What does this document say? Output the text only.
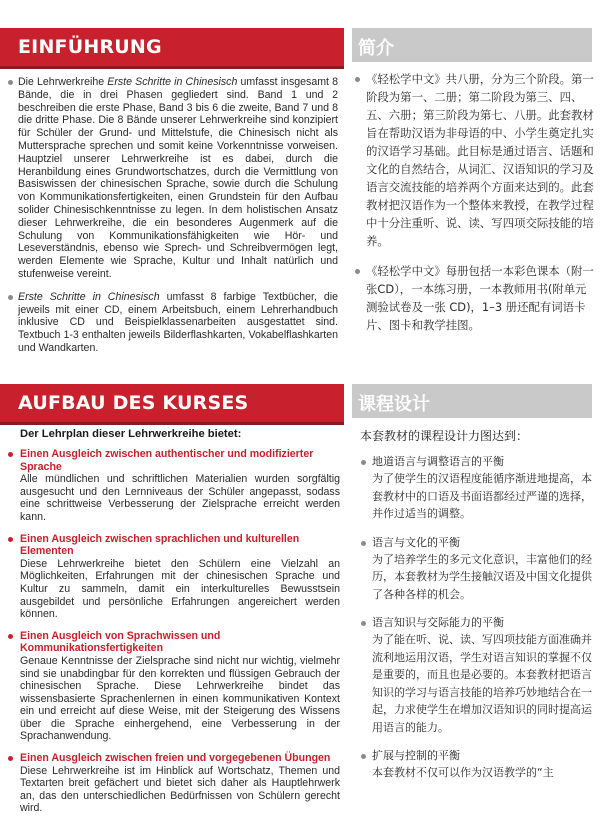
EINFÜHRUNG

Die Lehrwerkreihe Erste Schritte in Chinesisch umfasst insgesamt 8 Bände, die in drei Phasen gegliedert sind. Band 1 und 2 beschreiben die erste Phase, Band 3 bis 6 die zweite, Band 7 und 8 die dritte Phase. Die 8 Bände unserer Lehrwerkreihe sind konzipiert für Schüler der Grund- und Mittelstufe, die Chinesisch nicht als Muttersprache sprechen und somit keine Vorkenntnisse vorweisen. Hauptziel unserer Lehrwerkreihe ist es dabei, durch die Heranbildung eines Grundwortschatzes, durch die Vermittlung von Basiswissen der chinesischen Sprache, sowie durch die Schulung von Kommunikationsfertigkeiten, einen Grundstein für den Aufbau solider Chinesischkenntnisse zu legen. In dem holistischen Ansatz dieser Lehrwerkreihe, die ein besonderes Augenmerk auf die Schulung von Kommunikationsfähigkeiten wie Hör- und Leseverständnis, ebenso wie Sprech- und Schreibvermögen legt, werden Elemente wie Sprache, Kultur und Inhalt natürlich und stufenweise vereint.

Erste Schritte in Chinesisch umfasst 8 farbige Textbücher, die jeweils mit einer CD, einem Arbeitsbuch, einem Lehrerhandbuch inklusive CD und Beispielklassenarbeiten ausgestattet sind. Textbuch 1-3 enthalten jeweils Bilderflashkarten, Vokabelflashkarten und Wandkarten.

AUFBAU DES KURSES
Der Lehrplan dieser Lehrwerkreihe bietet:
Einen Ausgleich zwischen authentischer und modifizierter Sprache
Alle mündlichen und schriftlichen Materialien wurden sorgfältig ausgesucht und den Lernniveaus der Schüler angepasst, sodass eine schrittweise Verbesserung der Zielsprache erreicht werden kann.
Einen Ausgleich zwischen sprachlichen und kulturellen Elementen
Diese Lehrwerkreihe bietet den Schülern eine Vielzahl an Möglichkeiten, Erfahrungen mit der chinesischen Sprache und Kultur zu sammeln, damit ein interkulturelles Bewusstsein ausgebildet und persönliche Erfahrungen angereichert werden können.
Einen Ausgleich von Sprachwissen und Kommunikationsfertigkeiten
Genaue Kenntnisse der Zielsprache sind nicht nur wichtig, vielmehr sind sie unabdingbar für den korrekten und flüssigen Gebrauch der chinesischen Sprache. Diese Lehrwerkreihe bindet das wissensbasierte Sprachenlernen in einen kommunikativen Kontext ein und erreicht auf diese Weise, mit der Steigerung des Wissens über die Sprache einhergehend, eine Verbesserung in der Sprachanwendung.
Einen Ausgleich zwischen freien und vorgegebenen Übungen
Diese Lehrwerkreihe ist im Hinblick auf Wortschatz, Themen und Textarten breit gefächert und bietet sich daher als Hauptlehrwerk an, das den unterschiedlichen Bedürfnissen von Schülern gerecht wird.
简介

《轻松学中文》共八册，分为三个阶段。第一阶段为第一、二册；第二阶段为第三、四、五、六册；第三阶段为第七、八册。此套教材旨在帮助汉语为非母语的中、小学生奠定扎实的汉语学习基础。此目标是通过语言、话题和文化的自然结合，从词汇、汉语知识的学习及语言交流技能的培养两个方面来达到的。此套教材把汉语作为一个整体来教授，在教学过程中十分注重听、说、读、写四项交际技能的培养。

《轻松学中文》每册包括一本彩色课本（附一张CD），一本练习册，一本教师用书(附单元测验试卷及一张 CD)，1–3 册还配有词语卡片、图卡和教学挂图。

课程设计
本套教材的课程设计力图达到：
地道语言与调整语言的平衡
为了使学生的汉语程度能循序渐进地提高，本套教材中的口语及书面语都经过严谨的选择，并作过适当的调整。
语言与文化的平衡
为了培养学生的多元文化意识，丰富他们的经历，本套教材为学生接触汉语及中国文化提供了各种各样的机会。
语言知识与交际能力的平衡
为了能在听、说、读、写四项技能方面准确并流利地运用汉语，学生对语言知识的掌握不仅是重要的，而且也是必要的。本套教材把语言知识的学习与语言技能的培养巧妙地结合在一起，力求使学生在增加汉语知识的同时提高运用语言的能力。
扩展与控制的平衡
本套教材不仅可以作为汉语教学的“主
